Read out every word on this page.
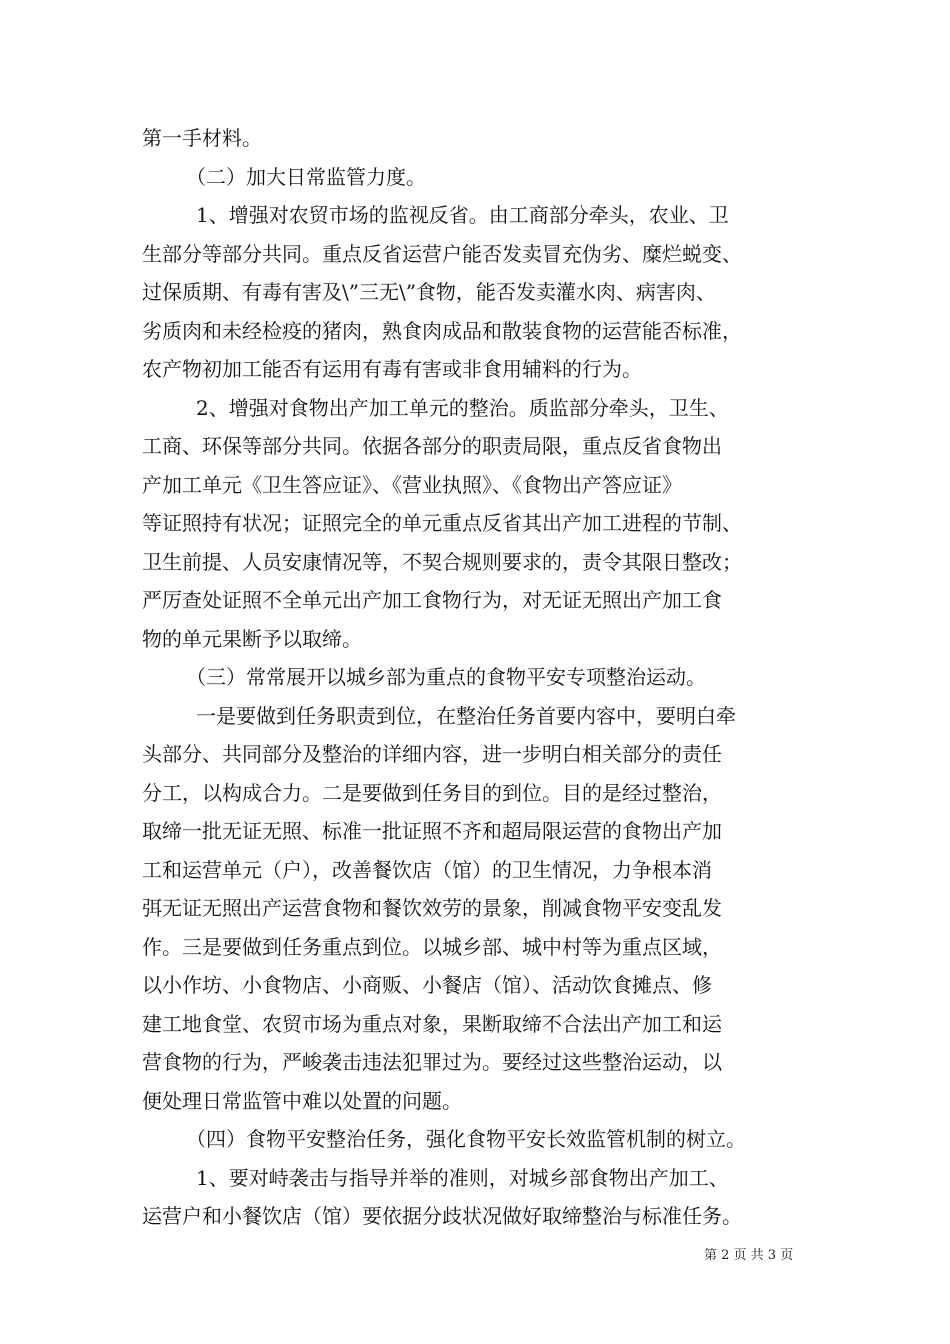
第一手材料。
（二）加大日常监管力度。
1、增强对农贸市场的监视反省。由工商部分牵头，农业、卫
生部分等部分共同。重点反省运营户能否发卖冒充伪劣、糜烂蜕变、
过保质期、有毒有害及\”三无\”食物，能否发卖灌水肉、病害肉、
劣质肉和未经检疫的猪肉，熟食肉成品和散装食物的运营能否标准，
农产物初加工能否有运用有毒有害或非食用辅料的行为。
2、增强对食物出产加工单元的整治。质监部分牵头，卫生、
工商、环保等部分共同。依据各部分的职责局限，重点反省食物出
产加工单元《卫生答应证》、《营业执照》、《食物出产答应证》
等证照持有状况；证照完全的单元重点反省其出产加工进程的节制、
卫生前提、人员安康情况等，不契合规则要求的，责令其限日整改；
严厉查处证照不全单元出产加工食物行为，对无证无照出产加工食
物的单元果断予以取缔。
（三）常常展开以城乡部为重点的食物平安专项整治运动。
一是要做到任务职责到位，在整治任务首要内容中，要明白牵
头部分、共同部分及整治的详细内容，进一步明白相关部分的责任
分工，以构成合力。二是要做到任务目的到位。目的是经过整治，
取缔一批无证无照、标准一批证照不齐和超局限运营的食物出产加
工和运营单元（户），改善餐饮店（馆）的卫生情况，力争根本消
弭无证无照出产运营食物和餐饮效劳的景象，削减食物平安变乱发
作。三是要做到任务重点到位。以城乡部、城中村等为重点区域，
以小作坊、小食物店、小商贩、小餐店（馆）、活动饮食摊点、修
建工地食堂、农贸市场为重点对象，果断取缔不合法出产加工和运
营食物的行为，严峻袭击违法犯罪过为。要经过这些整治运动，以
便处理日常监管中难以处置的问题。
（四）食物平安整治任务，强化食物平安长效监管机制的树立。
1、要对峙袭击与指导并举的准则，对城乡部食物出产加工、
运营户和小餐饮店（馆）要依据分歧状况做好取缔整治与标准任务。
第 2 页 共 3 页
